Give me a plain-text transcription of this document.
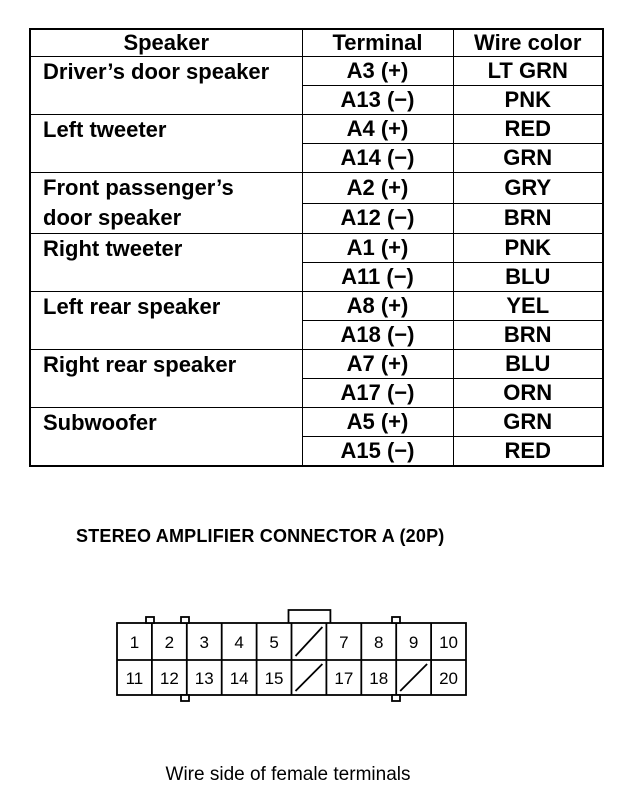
Speaker	Terminal	Wire color
Driver’s door speaker	A3 (+)	LT GRN
	A13 (−)	PNK
Left tweeter	A4 (+)	RED
	A14 (−)	GRN
Front passenger’s
door speaker	A2 (+)	GRY
	A12 (−)	BRN
Right tweeter	A1 (+)	PNK
	A11 (−)	BLU
Left rear speaker	A8 (+)	YEL
	A18 (−)	BRN
Right rear speaker	A7 (+)	BLU
	A17 (−)	ORN
Subwoofer	A5 (+)	GRN
	A15 (−)	RED
STEREO AMPLIFIER CONNECTOR A (20P)
1 2 3 4 5	7 8 9 10
11 12 13 14 15	17 18	20
Wire side of female terminals
